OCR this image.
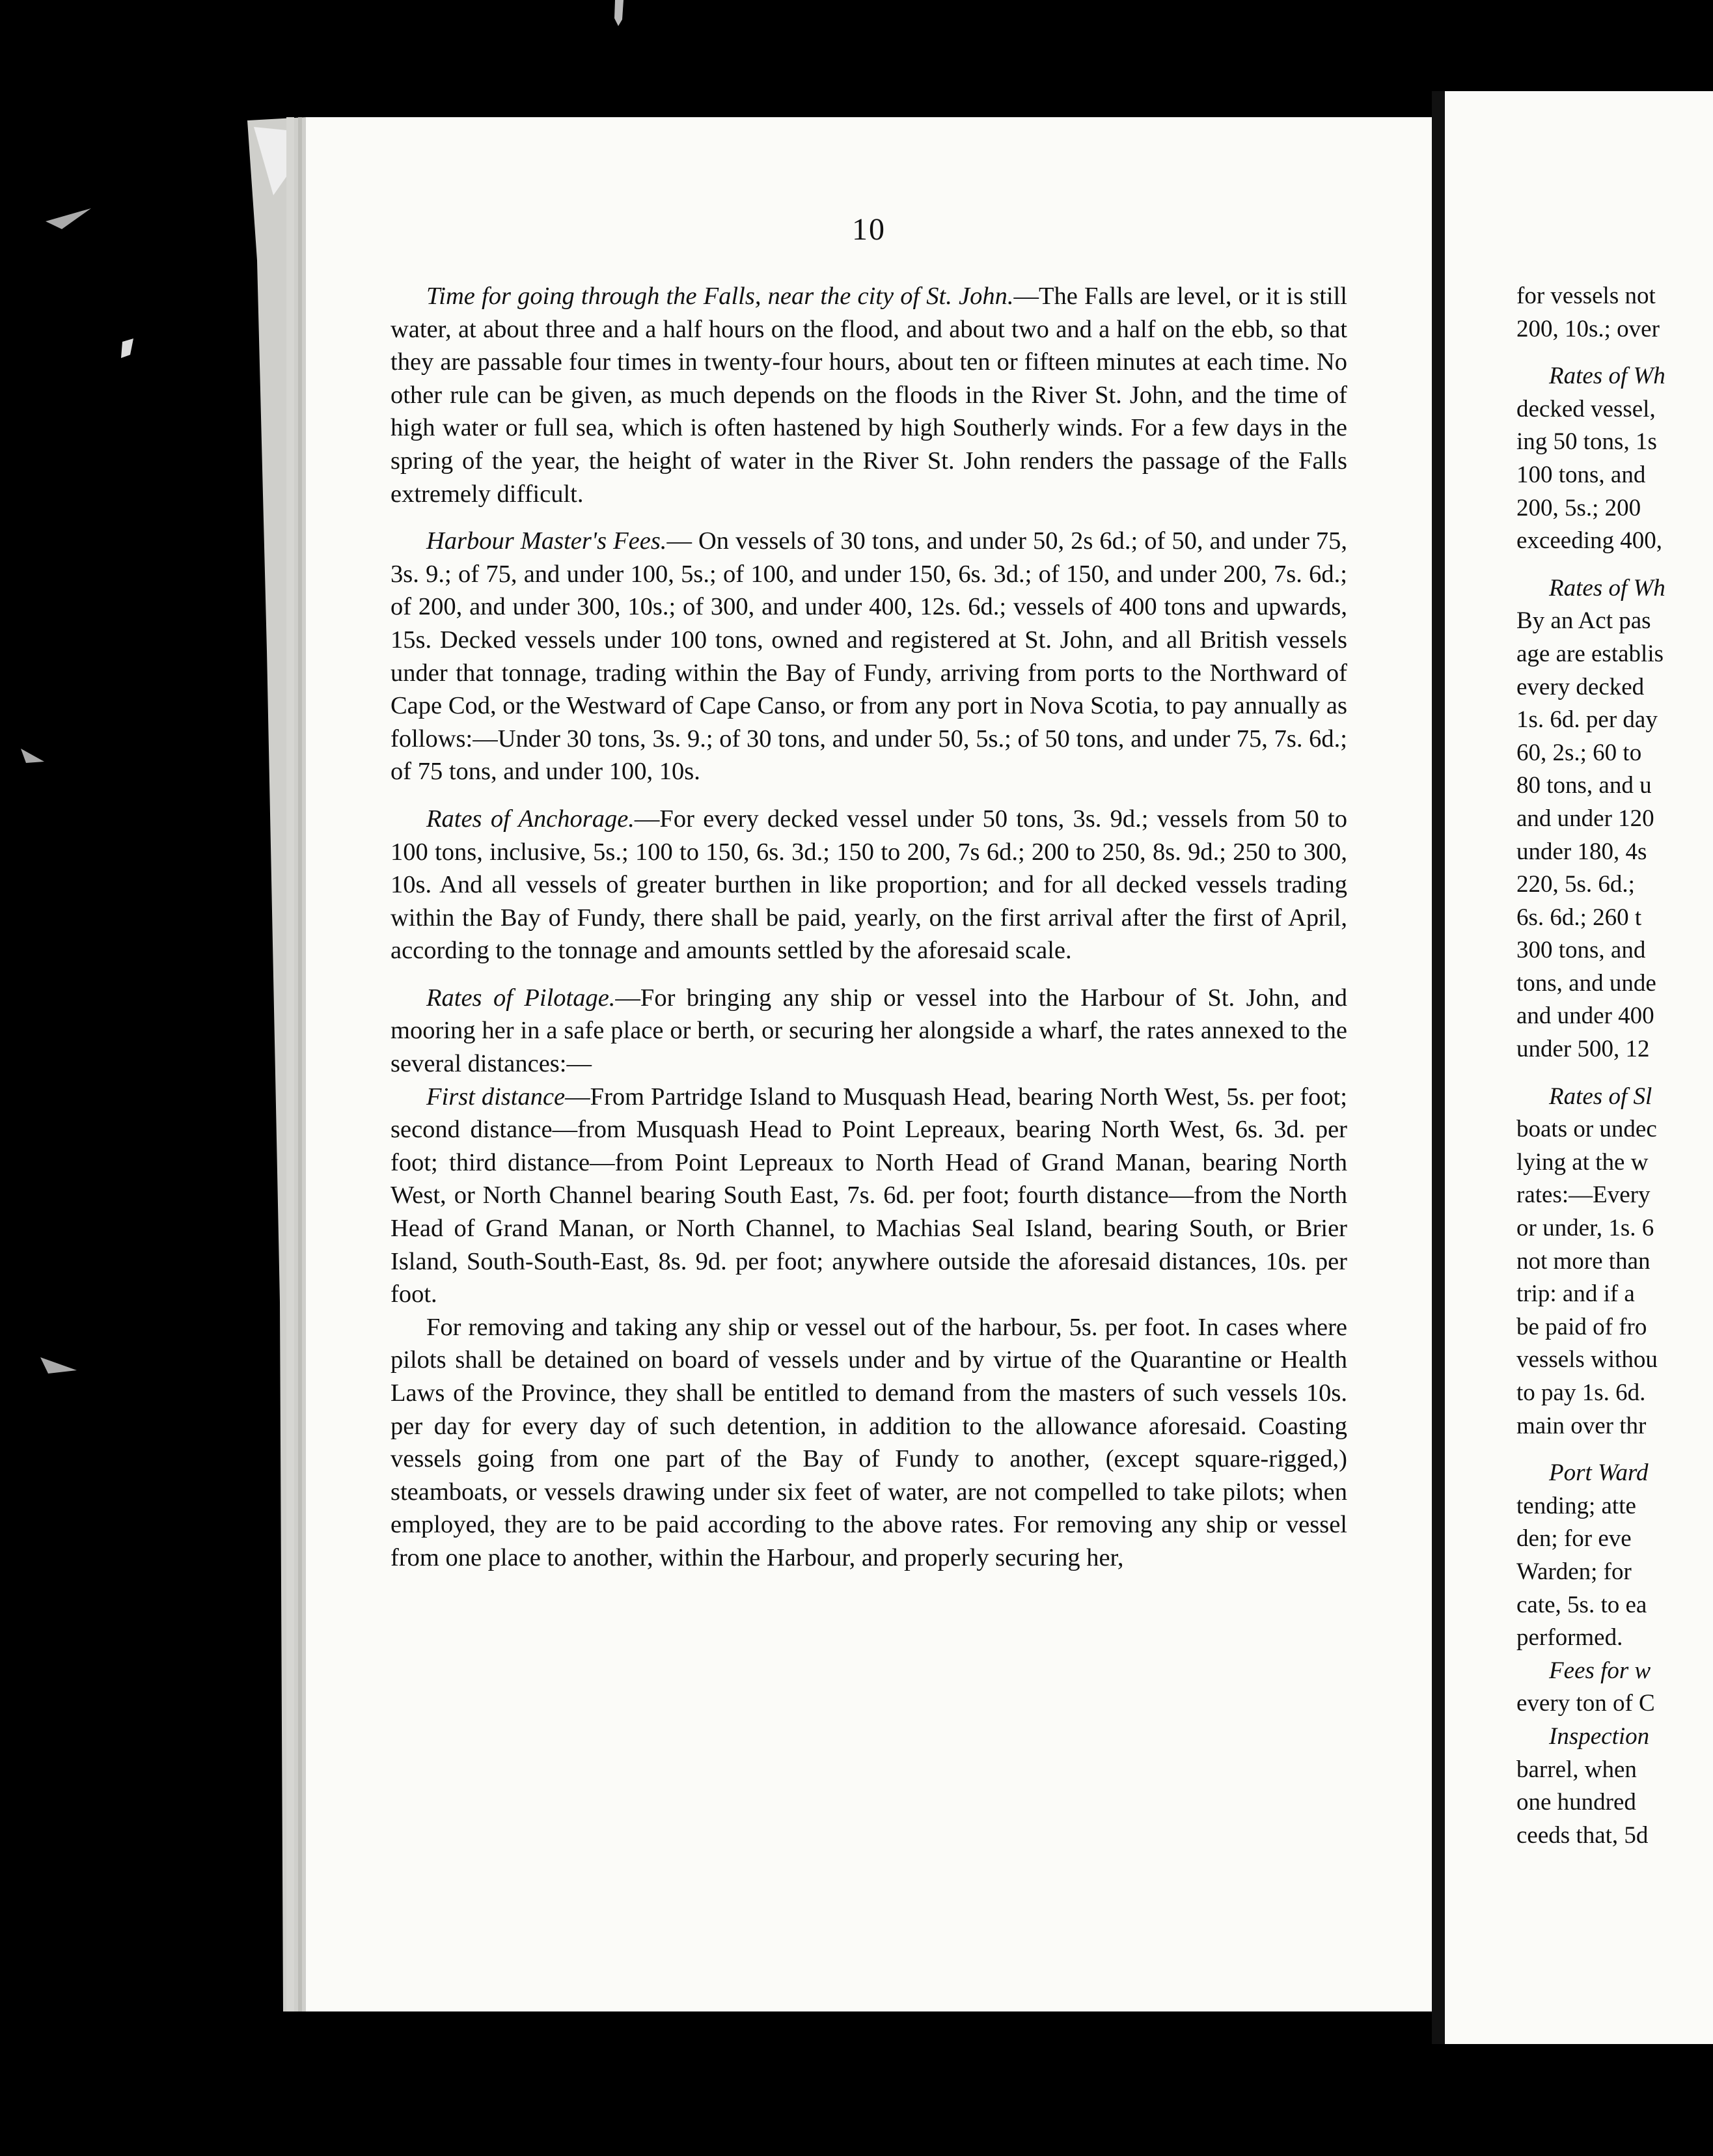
10

Time for going through the Falls, near the city of St. John.—The Falls are level, or it is still water, at about three and a half hours on the flood, and about two and a half on the ebb, so that they are passable four times in twenty-four hours, about ten or fifteen minutes at each time. No other rule can be given, as much depends on the floods in the River St. John, and the time of high water or full sea, which is often hastened by high Southerly winds. For a few days in the spring of the year, the height of water in the River St. John renders the passage of the Falls extremely difficult.

Harbour Master's Fees.— On vessels of 30 tons, and under 50, 2s 6d.; of 50, and under 75, 3s. 9.; of 75, and under 100, 5s.; of 100, and under 150, 6s. 3d.; of 150, and under 200, 7s. 6d.; of 200, and under 300, 10s.; of 300, and under 400, 12s. 6d.; vessels of 400 tons and upwards, 15s. Decked vessels under 100 tons, owned and registered at St. John, and all British vessels under that tonnage, trading within the Bay of Fundy, arriving from ports to the Northward of Cape Cod, or the Westward of Cape Canso, or from any port in Nova Scotia, to pay annually as follows:—Under 30 tons, 3s. 9.; of 30 tons, and under 50, 5s.; of 50 tons, and under 75, 7s. 6d.; of 75 tons, and under 100, 10s.

Rates of Anchorage.—For every decked vessel under 50 tons, 3s. 9d.; vessels from 50 to 100 tons, inclusive, 5s.; 100 to 150, 6s. 3d.; 150 to 200, 7s 6d.; 200 to 250, 8s. 9d.; 250 to 300, 10s. And all vessels of greater burthen in like proportion; and for all decked vessels trading within the Bay of Fundy, there shall be paid, yearly, on the first arrival after the first of April, according to the tonnage and amounts settled by the aforesaid scale.

Rates of Pilotage.—For bringing any ship or vessel into the Harbour of St. John, and mooring her in a safe place or berth, or securing her alongside a wharf, the rates annexed to the several distances:—

First distance—From Partridge Island to Musquash Head, bearing North West, 5s. per foot; second distance—from Musquash Head to Point Lepreaux, bearing North West, 6s. 3d. per foot; third distance—from Point Lepreaux to North Head of Grand Manan, bearing North West, or North Channel bearing South East, 7s. 6d. per foot; fourth distance—from the North Head of Grand Manan, or North Channel, to Machias Seal Island, bearing South, or Brier Island, South-South-East, 8s. 9d. per foot; anywhere outside the aforesaid distances, 10s. per foot.

For removing and taking any ship or vessel out of the harbour, 5s. per foot. In cases where pilots shall be detained on board of vessels under and by virtue of the Quarantine or Health Laws of the Province, they shall be entitled to demand from the masters of such vessels 10s. per day for every day of such detention, in addition to the allowance aforesaid. Coasting vessels going from one part of the Bay of Fundy to another, (except square-rigged,) steamboats, or vessels drawing under six feet of water, are not compelled to take pilots; when employed, they are to be paid according to the above rates. For removing any ship or vessel from one place to another, within the Harbour, and properly securing her,

for vessels not
200, 10s.; over
Rates of Wh
decked vessel,
ing 50 tons, 1s
100 tons, and
200, 5s.; 200
exceeding 400,
Rates of Wh
By an Act pas
age are establis
every decked
1s. 6d. per day
60, 2s.; 60 to
80 tons, and u
and under 120
under 180, 4s
220, 5s. 6d.;
6s. 6d.; 260 t
300 tons, and
tons, and unde
and under 400
under 500, 12
Rates of Sl
boats or undec
lying at the w
rates:—Every
or under, 1s. 6
not more than
trip: and if a
be paid of fro
vessels withou
to pay 1s. 6d.
main over thr
Port Ward
tending; atte
den; for eve
Warden; for
cate, 5s. to ea
performed.
Fees for w
every ton of C
Inspection
barrel, when
one hundred
ceeds that, 5d
